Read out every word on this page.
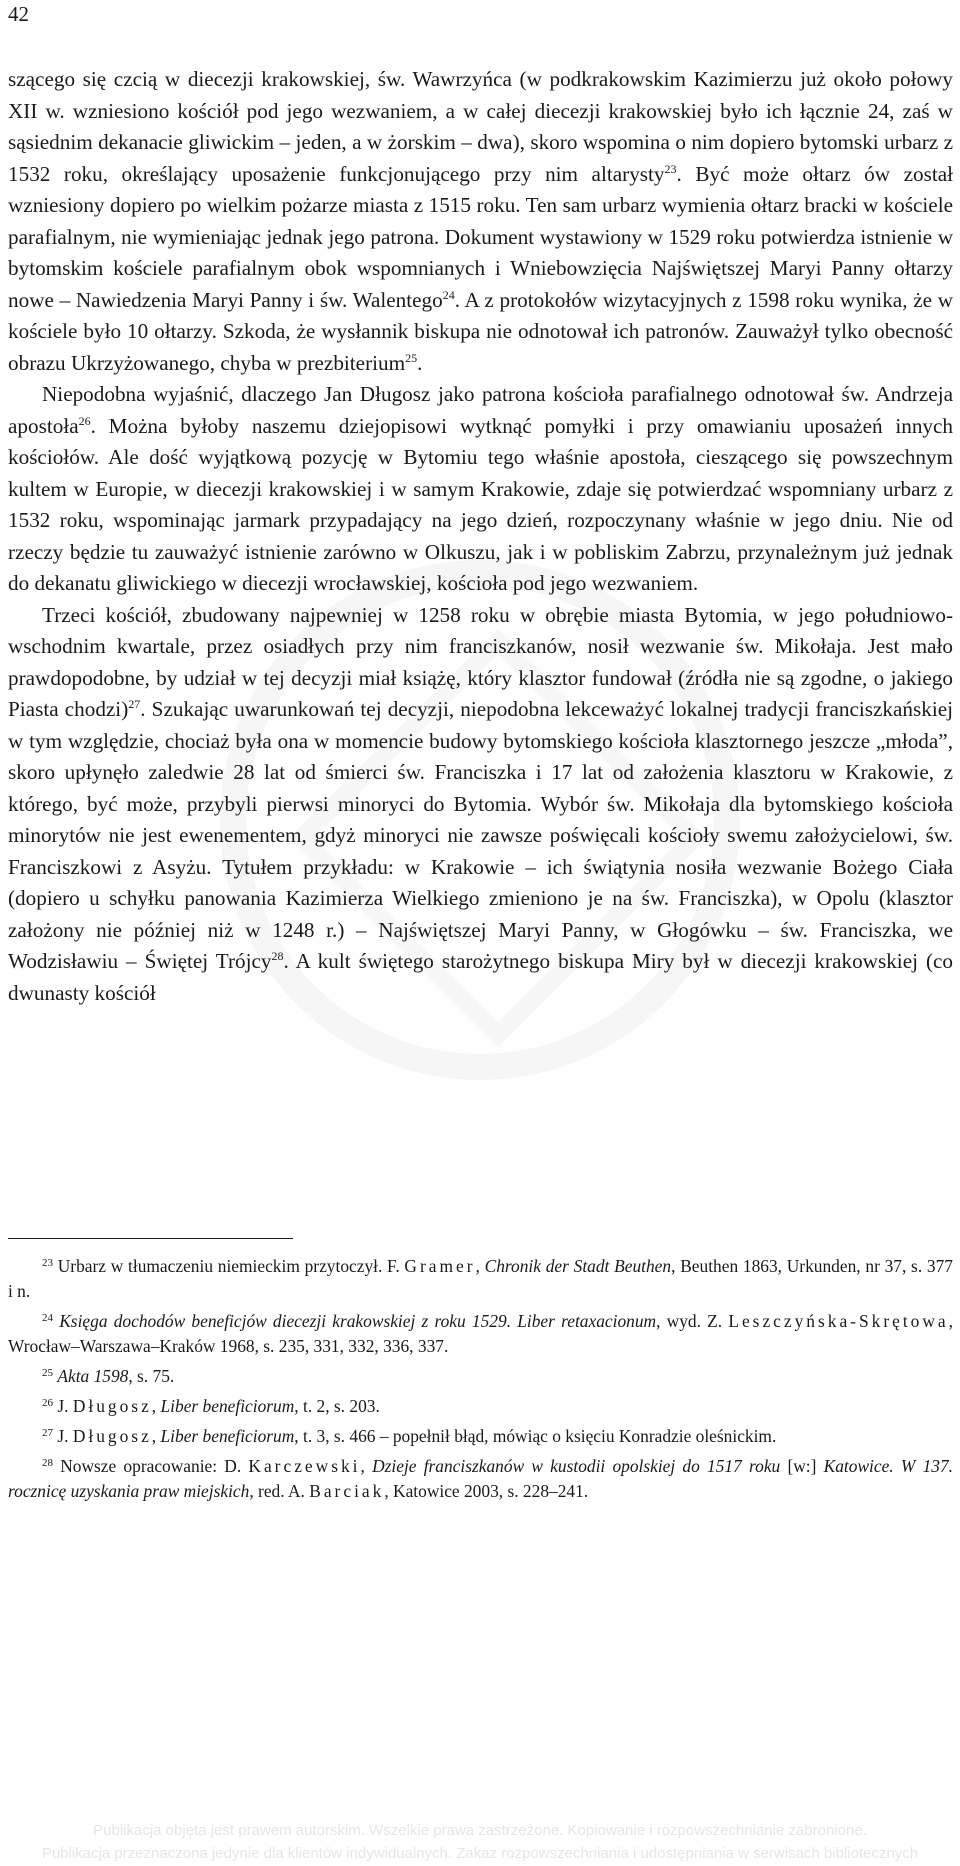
42

szącego się czcią w diecezji krakowskiej, św. Wawrzyńca (w podkrakowskim Kazimierzu już około połowy XII w. wzniesiono kościół pod jego wezwaniem, a w całej diecezji krakowskiej było ich łącznie 24, zaś w sąsiednim dekanacie gliwickim – jeden, a w żorskim – dwa), skoro wspomina o nim dopiero bytomski urbarz z 1532 roku, określający uposażenie funkcjonującego przy nim altarysty$^{23}$. Być może ołtarz ów został wzniesiony dopiero po wielkim pożarze miasta z 1515 roku. Ten sam urbarz wymienia ołtarz bracki w kościele parafialnym, nie wymieniając jednak jego patrona. Dokument wystawiony w 1529 roku potwierdza istnienie w bytomskim kościele parafialnym obok wspomnianych i Wniebowzięcia Najświętszej Maryi Panny ołtarzy nowe – Nawiedzenia Maryi Panny i św. Walentego$^{24}$. A z protokołów wizytacyjnych z 1598 roku wynika, że w kościele było 10 ołtarzy. Szkoda, że wysłannik biskupa nie odnotował ich patronów. Zauważył tylko obecność obrazu Ukrzyżowanego, chyba w prezbiterium$^{25}$.

Niepodobna wyjaśnić, dlaczego Jan Długosz jako patrona kościoła parafialnego odnotował św. Andrzeja apostoła$^{26}$. Można byłoby naszemu dziejopisowi wytknąć pomyłki i przy omawianiu uposażeń innych kościołów. Ale dość wyjątkową pozycję w Bytomiu tego właśnie apostoła, cieszącego się powszechnym kultem w Europie, w diecezji krakowskiej i w samym Krakowie, zdaje się potwierdzać wspomniany urbarz z 1532 roku, wspominając jarmark przypadający na jego dzień, rozpoczynany właśnie w jego dniu. Nie od rzeczy będzie tu zauważyć istnienie zarówno w Olkuszu, jak i w pobliskim Zabrzu, przynależnym już jednak do dekanatu gliwickiego w diecezji wrocławskiej, kościoła pod jego wezwaniem.

Trzeci kościół, zbudowany najpewniej w 1258 roku w obrębie miasta Bytomia, w jego południowo-wschodnim kwartale, przez osiadłych przy nim franciszkanów, nosił wezwanie św. Mikołaja. Jest mało prawdopodobne, by udział w tej decyzji miał książę, który klasztor fundował (źródła nie są zgodne, o jakiego Piasta chodzi)$^{27}$. Szukając uwarunkowań tej decyzji, niepodobna lekceważyć lokalnej tradycji franciszkańskiej w tym względzie, chociaż była ona w momencie budowy bytomskiego kościoła klasztornego jeszcze „młoda”, skoro upłynęło zaledwie 28 lat od śmierci św. Franciszka i 17 lat od założenia klasztoru w Krakowie, z którego, być może, przybyli pierwsi minoryci do Bytomia. Wybór św. Mikołaja dla bytomskiego kościoła minorytów nie jest ewenementem, gdyż minoryci nie zawsze poświęcali kościoły swemu założycielowi, św. Franciszkowi z Asyżu. Tytułem przykładu: w Krakowie – ich świątynia nosiła wezwanie Bożego Ciała (dopiero u schyłku panowania Kazimierza Wielkiego zmieniono je na św. Franciszka), w Opolu (klasztor założony nie później niż w 1248 r.) – Najświętszej Maryi Panny, w Głogówku – św. Franciszka, we Wodzisławiu – Świętej Trójcy$^{28}$. A kult świętego starożytnego biskupa Miry był w diecezji krakowskiej (co dwunasty kościół

$^{23}$ Urbarz w tłumaczeniu niemieckim przytoczył. F. Gramer, Chronik der Stadt Beuthen, Beuthen 1863, Urkunden, nr 37, s. 377 i n.

$^{24}$ Księga dochodów beneficjów diecezji krakowskiej z roku 1529. Liber retaxacionum, wyd. Z. Leszczyńska-Skrętowa, Wrocław–Warszawa–Kraków 1968, s. 235, 331, 332, 336, 337.

$^{25}$ Akta 1598, s. 75.

$^{26}$ J. Długosz, Liber beneficiorum, t. 2, s. 203.

$^{27}$ J. Długosz, Liber beneficiorum, t. 3, s. 466 – popełnił błąd, mówiąc o księciu Konradzie oleśnickim.

$^{28}$ Nowsze opracowanie: D. Karczewski, Dzieje franciszkanów w kustodii opolskiej do 1517 roku [w:] Katowice. W 137. rocznicę uzyskania praw miejskich, red. A. Barciak, Katowice 2003, s. 228–241.

Publikacja objęta jest prawem autorskim. Wszelkie prawa zastrzeżone. Kopiowanie i rozpowszechnianie zabronione.
Publikacja przeznaczona jedynie dla klientów indywidualnych. Zakaz rozpowszechniania i udostępniania w serwisach bibliotecznych
